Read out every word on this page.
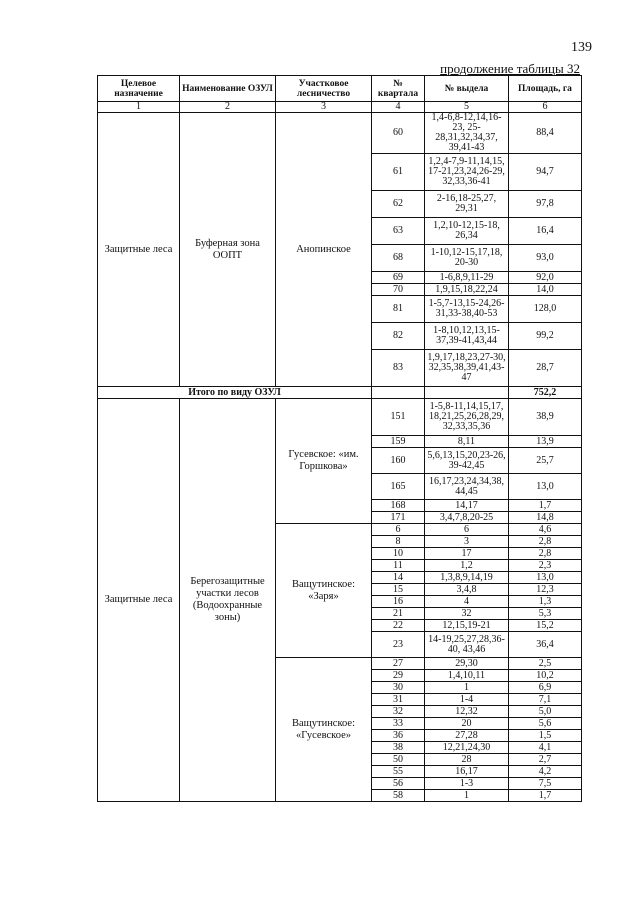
139
продолжение таблицы 32
Целевое назначение	Наименование ОЗУЛ	Участковое лесничество	№ квартала	№ выдела	Площадь, га
1	2	3	4	5	6
Защитные леса	Буферная зона ООПТ	Анопинское	60	1,4-6,8-12,14,16-23, 25-28,31,32,34,37, 39,41-43	88,4
			61	1,2,4-7,9-11,14,15, 17-21,23,24,26-29, 32,33,36-41	94,7
			62	2-16,18-25,27, 29,31	97,8
			63	1,2,10-12,15-18, 26,34	16,4
			68	1-10,12-15,17,18, 20-30	93,0
			69	1-6,8,9,11-29	92,0
			70	1,9,15,18,22,24	14,0
			81	1-5,7-13,15-24,26- 31,33-38,40-53	128,0
			82	1-8,10,12,13,15- 37,39-41,43,44	99,2
			83	1,9,17,18,23,27-30, 32,35,38,39,41,43- 47	28,7
Итого по виду ОЗУЛ					752,2
Защитные леса	Берегозащитные участки лесов (Водоохранные зоны)	Гусевское: «им. Горшкова»	151	1-5,8-11,14,15,17, 18,21,25,26,28,29, 32,33,35,36	38,9
			159	8,11	13,9
			160	5,6,13,15,20,23-26, 39-42,45	25,7
			165	16,17,23,24,34,38, 44,45	13,0
			168	14,17	1,7
			171	3,4,7,8,20-25	14,8
		Ващутинское: «Заря»	6	6	4,6
			8	3	2,8
			10	17	2,8
			11	1,2	2,3
			14	1,3,8,9,14,19	13,0
			15	3,4,8	12,3
			16	4	1,3
			21	32	5,3
			22	12,15,19-21	15,2
			23	14-19,25,27,28,36- 40, 43,46	36,4
		Ващутинское: «Гусевское»	27	29,30	2,5
			29	1,4,10,11	10,2
			30	1	6,9
			31	1-4	7,1
			32	12,32	5,0
			33	20	5,6
			36	27,28	1,5
			38	12,21,24,30	4,1
			50	28	2,7
			55	16,17	4,2
			56	1-3	7,5
			58	1	1,7
